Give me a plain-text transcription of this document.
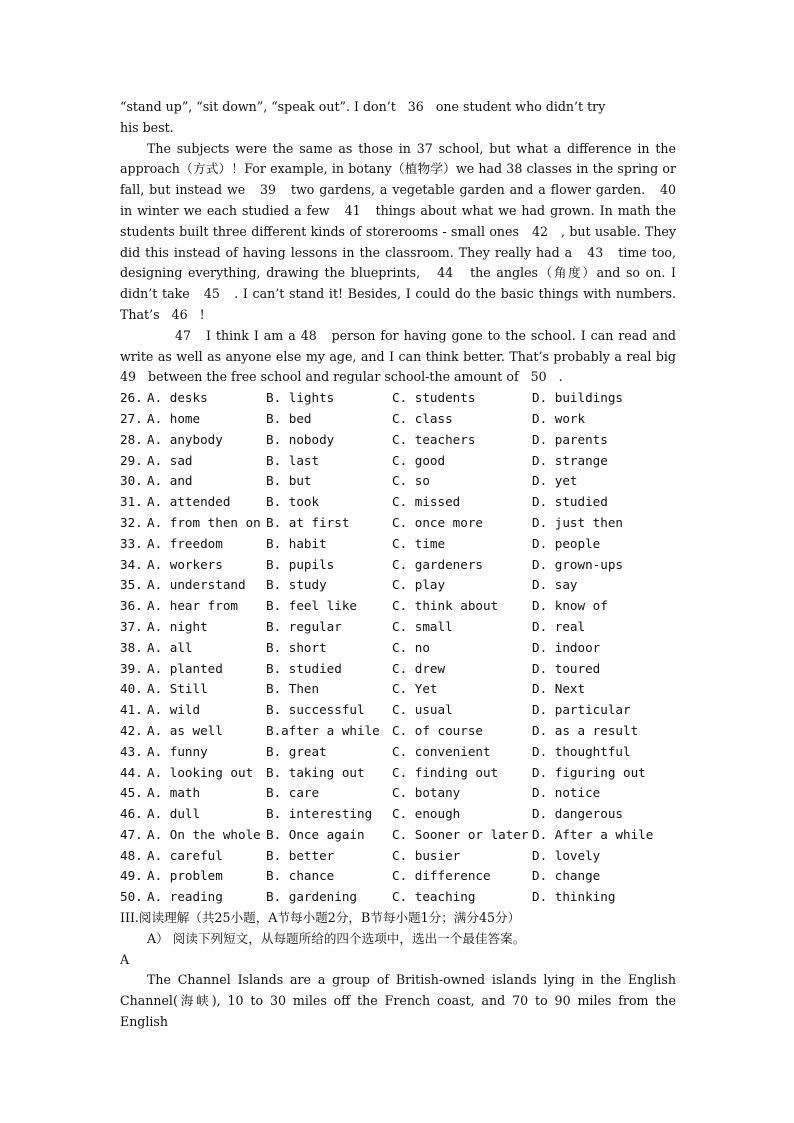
“stand up”, “sit down”, “speak out”. I don’t   36   one student who didn’t try

his best.

The subjects were the same as those in 37 school, but what a difference in the approach（方式）！For example, in botany（植物学）we had 38 classes in the spring or fall, but instead we   39   two gardens, a vegetable garden and a flower garden.   40   in winter we each studied a few   41   things about what we had grown. In math the students built three different kinds of storerooms - small ones   42   , but usable. They did this instead of having lessons in the classroom. They really had a   43   time too, designing everything, drawing the blueprints,   44   the angles（角度）and so on. I didn’t take   45   . I can’t stand it! Besides, I could do the basic things with numbers. That’s   46   !

47   I think I am a 48   person for having gone to the school. I can read and write as well as anyone else my age, and I can think better. That’s probably a real big   49   between the free school and regular school-the amount of   50   .

26. A. desks	B. lights	C. students	D. buildings
27. A. home	B. bed	C. class	D. work
28. A. anybody	B. nobody	C. teachers	D. parents
29. A. sad	B. last	C. good	D. strange
30. A. and	B. but	C. so	D. yet
31. A. attended	B. took	C. missed	D. studied
32. A. from then on B. at first	C. once more	D. just then
33. A. freedom	B. habit	C. time	D. people
34. A. workers	B. pupils	C. gardeners	D. grown-ups
35. A. understand B. study	C. play	D. say
36. A. hear from B. feel like	C. think about	D. know of
37. A. night	B. regular	C. small	D. real
38. A. all	B. short	C. no	D. indoor
39. A. planted	B. studied	C. drew	D. toured
40. A. Still	B. Then	C. Yet	D. Next
41. A. wild	B. successful C. usual	D. particular
42. A. as well	B.after a while C. of course	D. as a result
43. A. funny	B. great	C. convenient	D. thoughtful
44. A. looking out B. taking out C. finding out	D. figuring out
45. A. math	B. care	C. botany	D. notice
46. A. dull	B. interesting C. enough	D. dangerous
47. A. On the whole B. Once again C. Sooner or later D. After a while
48. A. careful	B. better	C. busier	D. lovely
49. A. problem	B. chance	C. difference	D. change
50. A. reading	B. gardening	C. teaching	D. thinking

III.阅读理解（共25小题，A节每小题2分，B节每小题1分；满分45分）

A） 阅读下列短文，从每题所给的四个选项中，选出一个最佳答案。

A

The Channel Islands are a group of British-owned islands lying in the English Channel(海峡), 10 to 30 miles off the French coast, and 70 to 90 miles from the English
